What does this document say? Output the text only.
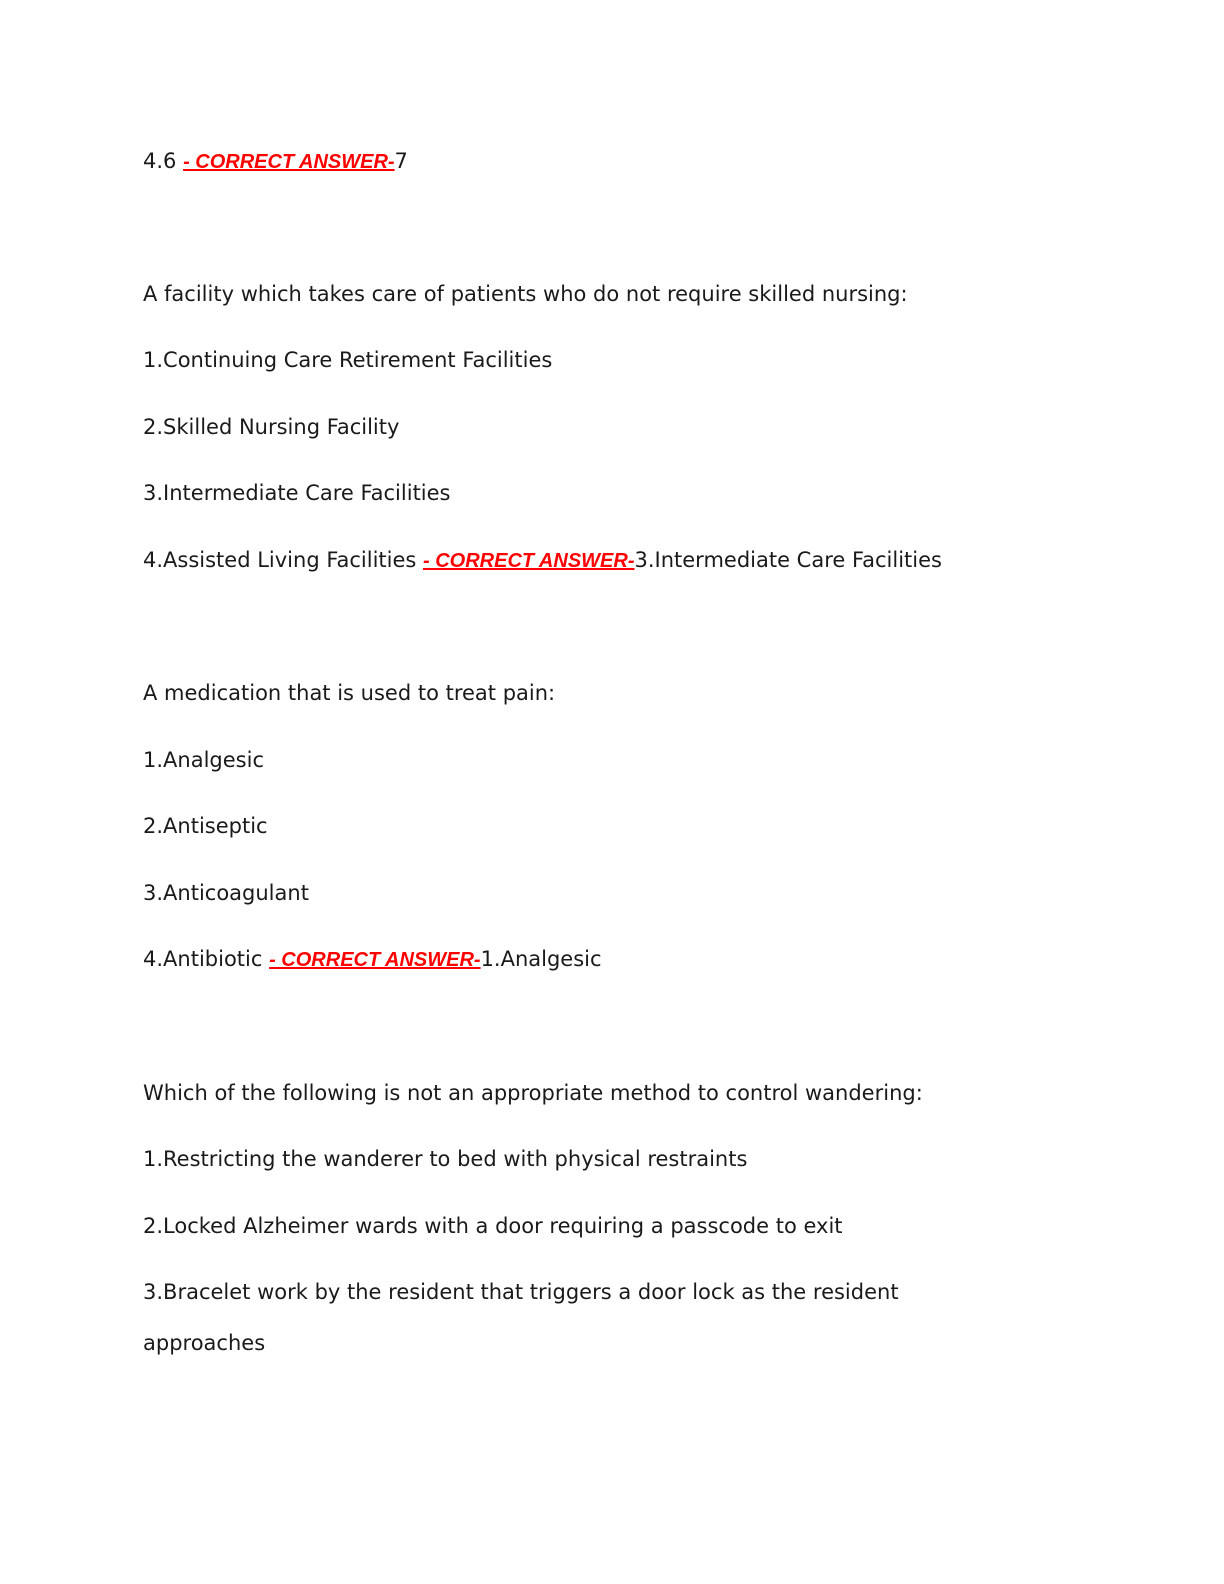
4.6 - CORRECT ANSWER-7
A facility which takes care of patients who do not require skilled nursing:
1.Continuing Care Retirement Facilities
2.Skilled Nursing Facility
3.Intermediate Care Facilities
4.Assisted Living Facilities - CORRECT ANSWER-3.Intermediate Care Facilities
A medication that is used to treat pain:
1.Analgesic
2.Antiseptic
3.Anticoagulant
4.Antibiotic - CORRECT ANSWER-1.Analgesic
Which of the following is not an appropriate method to control wandering:
1.Restricting the wanderer to bed with physical restraints
2.Locked Alzheimer wards with a door requiring a passcode to exit
3.Bracelet work by the resident that triggers a door lock as the resident
approaches
